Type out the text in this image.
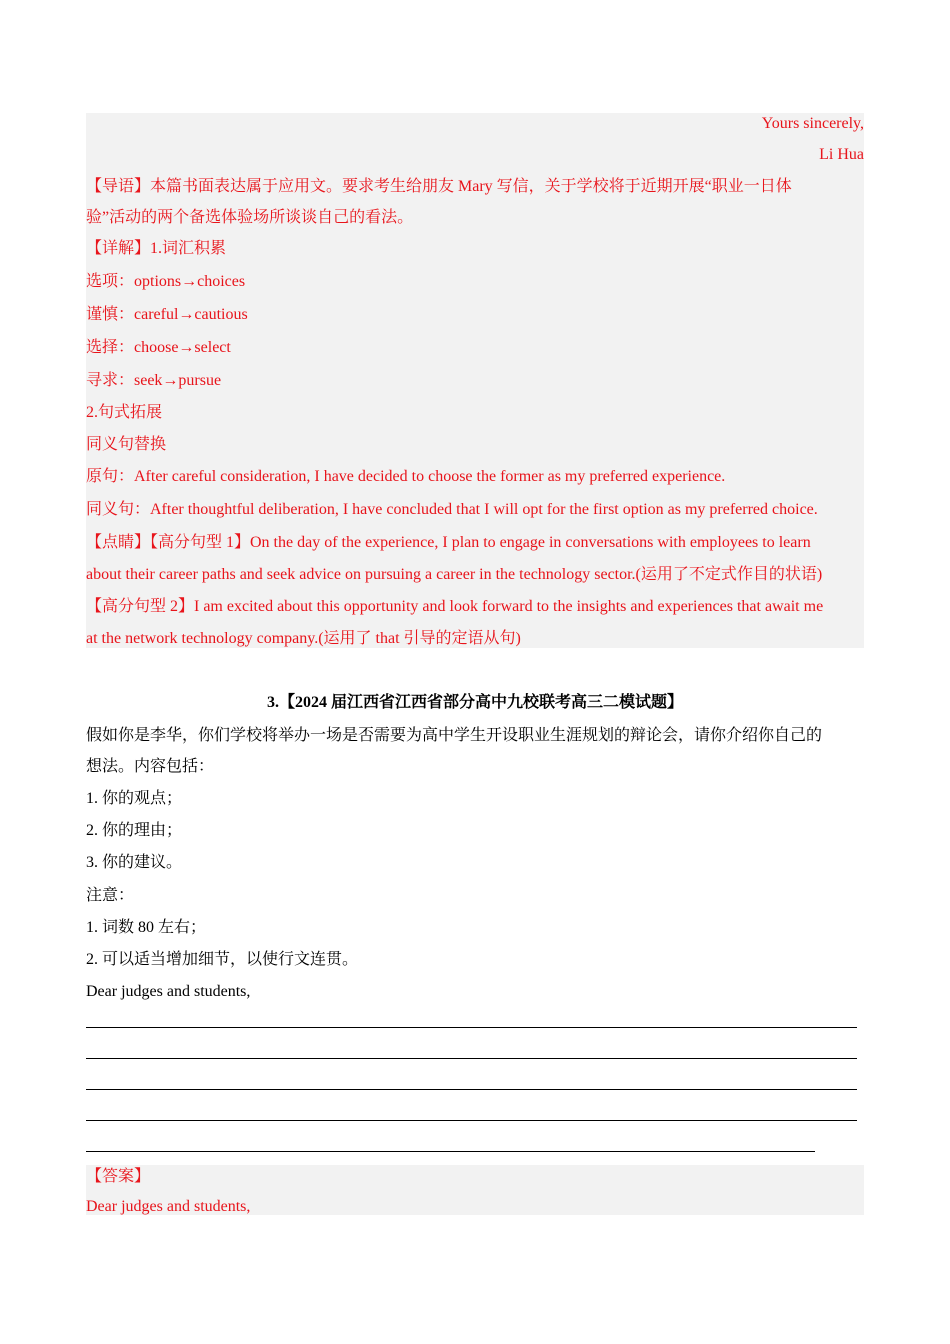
Yours sincerely,
Li Hua
【导语】本篇书面表达属于应用文。要求考生给朋友 Mary 写信，关于学校将于近期开展“职业一日体
验”活动的两个备选体验场所谈谈自己的看法。
【详解】1.词汇积累
选项：options→choices
谨慎：careful→cautious
选择：choose→select
寻求：seek→pursue
2.句式拓展
同义句替换
原句：After careful consideration, I have decided to choose the former as my preferred experience.
同义句：After thoughtful deliberation, I have concluded that I will opt for the first option as my preferred choice.
【点睛】【高分句型 1】On the day of the experience, I plan to engage in conversations with employees to learn
about their career paths and seek advice on pursuing a career in the technology sector.(运用了不定式作目的状语)
【高分句型 2】I am excited about this opportunity and look forward to the insights and experiences that await me
at the network technology company.(运用了 that 引导的定语从句)
3.【2024 届江西省江西省部分高中九校联考高三二模试题】
假如你是李华，你们学校将举办一场是否需要为高中学生开设职业生涯规划的辩论会，请你介绍你自己的
想法。内容包括：
1. 你的观点；
2. 你的理由；
3. 你的建议。
注意：
1. 词数 80 左右；
2. 可以适当增加细节，以使行文连贯。
Dear judges and students,
【答案】
Dear judges and students,
